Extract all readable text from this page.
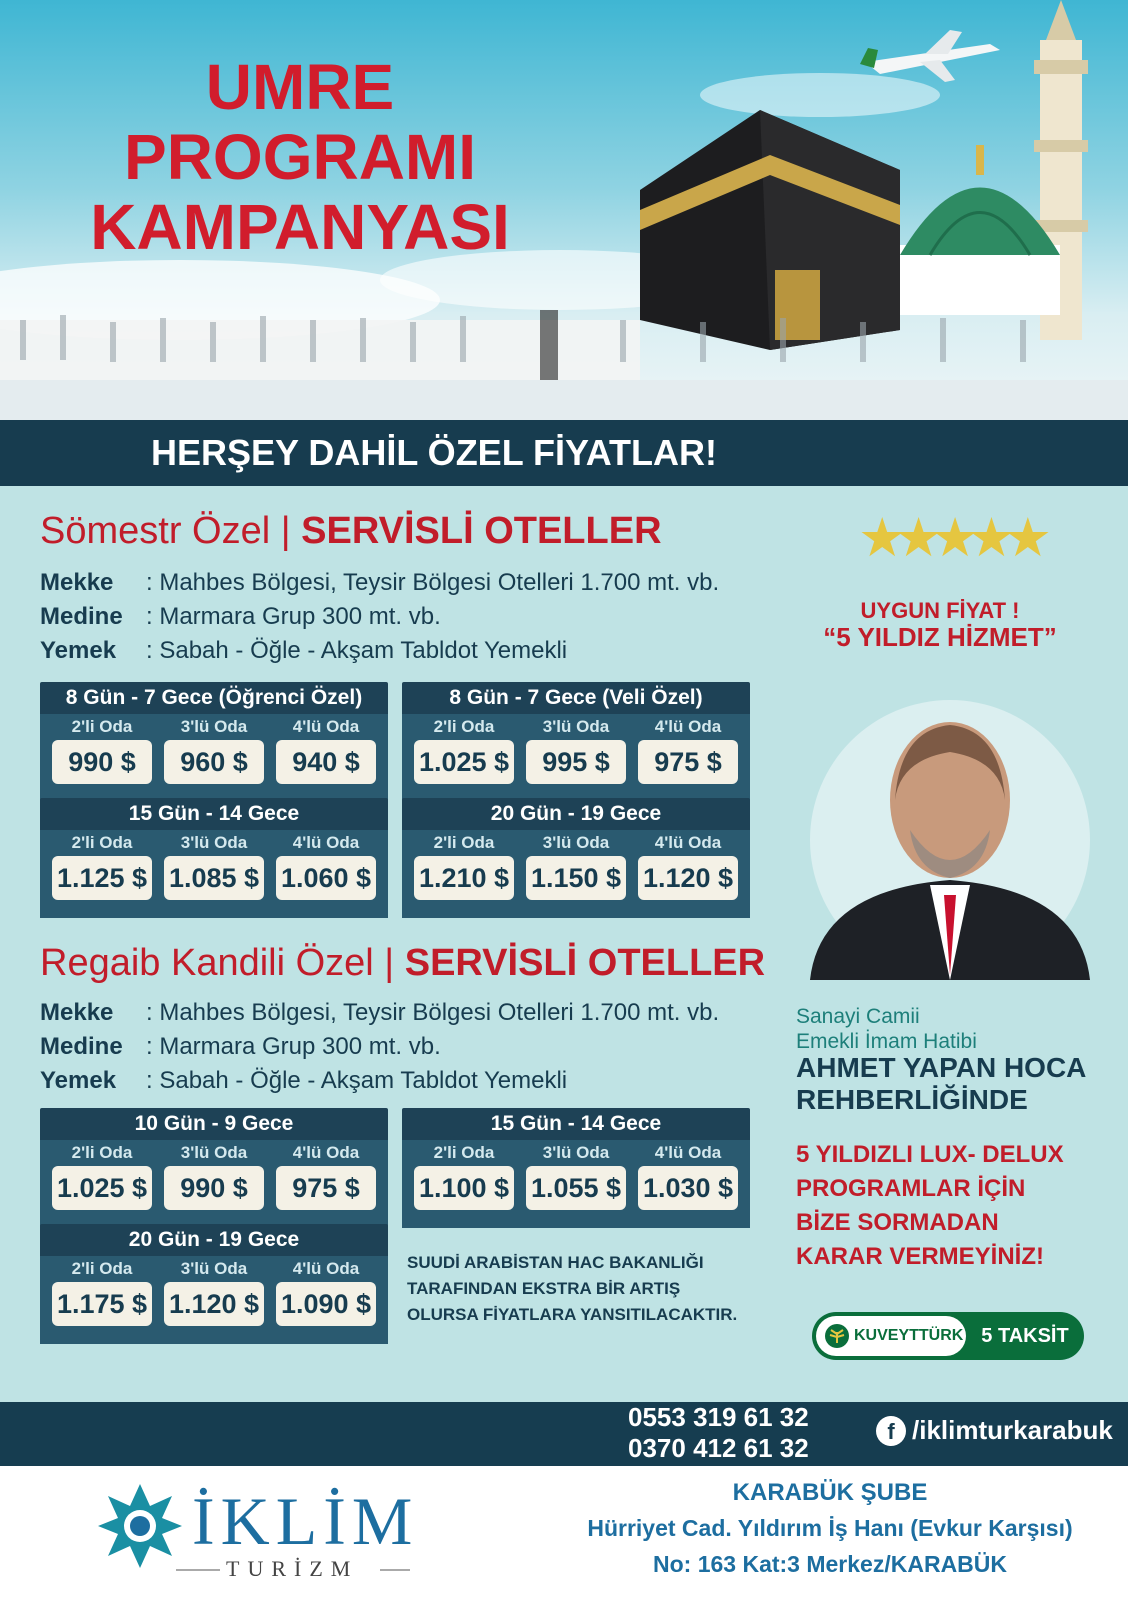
UMRE
PROGRAMI
KAMPANYASI
HERŞEY DAHİL ÖZEL FİYATLAR!
Sömestr Özel | SERVİSLİ OTELLER
Mekke : Mahbes Bölgesi, Teysir Bölgesi Otelleri 1.700 mt. vb.
Medine : Marmara Grup 300 mt. vb.
Yemek : Sabah - Öğle - Akşam Tabldot Yemekli
8 Gün - 7 Gece (Öğrenci Özel)
2'li Oda
990 $
3'lü Oda
960 $
4'lü Oda
940 $
8 Gün - 7 Gece (Veli Özel)
2'li Oda
1.025 $
3'lü Oda
995 $
4'lü Oda
975 $
15 Gün - 14 Gece
2'li Oda
1.125 $
3'lü Oda
1.085 $
4'lü Oda
1.060 $
20 Gün - 19 Gece
2'li Oda
1.210 $
3'lü Oda
1.150 $
4'lü Oda
1.120 $
Regaib Kandili Özel | SERVİSLİ OTELLER
Mekke : Mahbes Bölgesi, Teysir Bölgesi Otelleri 1.700 mt. vb.
Medine : Marmara Grup 300 mt. vb.
Yemek : Sabah - Öğle - Akşam Tabldot Yemekli
10 Gün - 9 Gece
2'li Oda
1.025 $
3'lü Oda
990 $
4'lü Oda
975 $
15 Gün - 14 Gece
2'li Oda
1.100 $
3'lü Oda
1.055 $
4'lü Oda
1.030 $
20 Gün - 19 Gece
2'li Oda
1.175 $
3'lü Oda
1.120 $
4'lü Oda
1.090 $
SUUDİ ARABİSTAN HAC BAKANLIĞI TARAFINDAN EKSTRA BİR ARTIŞ OLURSA FİYATLARA YANSITILACAKTIR.
★★★★★
UYGUN FİYAT !
“5 YILDIZ HİZMET”
Sanayi Camii
Emekli İmam Hatibi
AHMET YAPAN HOCA
REHBERLİĞİNDE
5 YILDIZLI LUX- DELUX
PROGRAMLAR İÇİN
BİZE SORMADAN
KARAR VERMEYİNİZ!
KUVEYTTÜRK 5 TAKSİT
0553 319 61 32
0370 412 61 32
f /iklimturkarabuk
İKLİM
TURİZM
KARABÜK ŞUBE
Hürriyet Cad. Yıldırım İş Hanı (Evkur Karşısı)
No: 163 Kat:3 Merkez/KARABÜK
